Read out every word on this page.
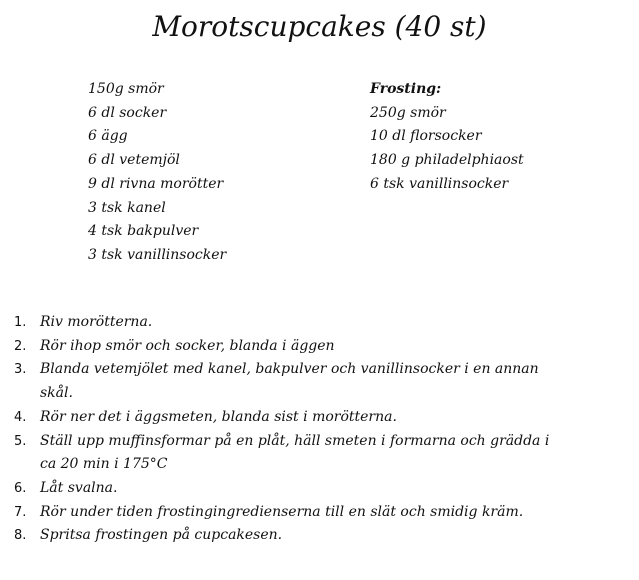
Morotscupcakes (40 st)
150g smör
6 dl socker
6 ägg
6 dl vetemjöl
9 dl rivna morötter
3 tsk kanel
4 tsk bakpulver
3 tsk vanillinsocker
Frosting:
250g smör
10 dl florsocker
180 g philadelphiaost
6 tsk vanillinsocker
1. Riv morötterna.
2. Rör ihop smör och socker, blanda i äggen
3. Blanda vetemjölet med kanel, bakpulver och vanillinsocker i en annan
skål.
4. Rör ner det i äggsmeten, blanda sist i morötterna.
5. Ställ upp muffinsformar på en plåt, häll smeten i formarna och grädda i
ca 20 min i 175°C
6. Låt svalna.
7. Rör under tiden frostingingredienserna till en slät och smidig kräm.
8. Spritsa frostingen på cupcakesen.
